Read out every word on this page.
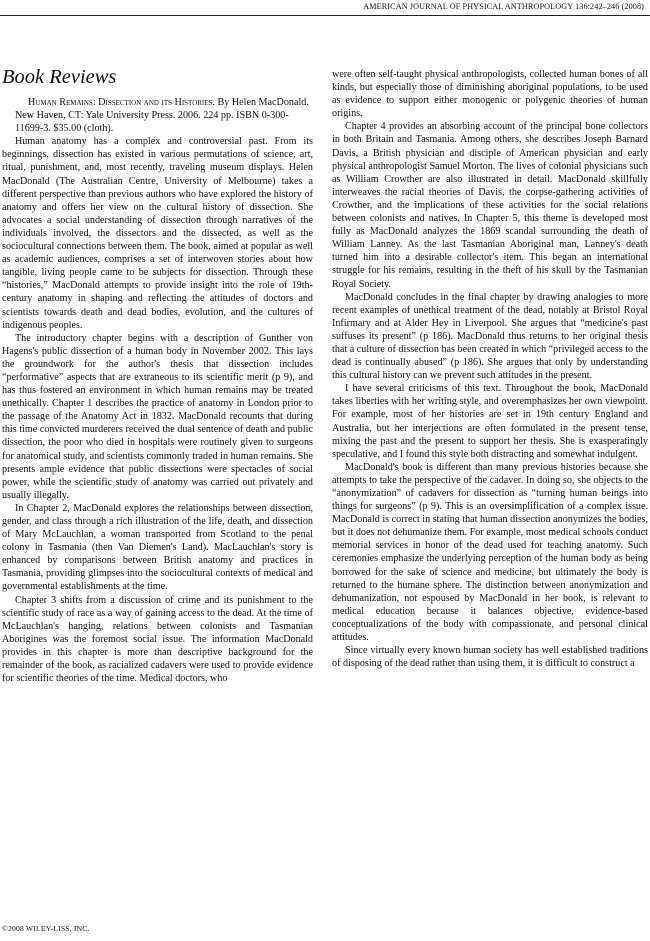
AMERICAN JOURNAL OF PHYSICAL ANTHROPOLOGY 136:242–246 (2008)
Book Reviews

Human Remains: Dissection and its Histories. By Helen MacDonald. New Haven, CT: Yale University Press. 2006. 224 pp. ISBN 0-300-11699-3. $35.00 (cloth).

Human anatomy has a complex and controversial past. From its beginnings, dissection has existed in various permutations of science, art, ritual, punishment, and, most recently, traveling museum displays. Helen MacDonald (The Australian Centre, University of Melbourne) takes a different perspective than previous authors who have explored the history of anatomy and offers her view on the cultural history of dissection. She advocates a social understanding of dissection through narratives of the individuals involved, the dissectors and the dissected, as well as the sociocultural connections between them. The book, aimed at popular as well as academic audiences, comprises a set of interwoven stories about how tangible, living people came to be subjects for dissection. Through these “histories,” MacDonald attempts to provide insight into the role of 19th-century anatomy in shaping and reflecting the attitudes of doctors and scientists towards death and dead bodies, evolution, and the cultures of indigenous peoples.

The introductory chapter begins with a description of Gunther von Hagens's public dissection of a human body in November 2002. This lays the groundwork for the author's thesis that dissection includes “performative” aspects that are extraneous to its scientific merit (p 9), and has thus fostered an environment in which human remains may be treated unethically. Chapter 1 describes the practice of anatomy in London prior to the passage of the Anatomy Act in 1832. MacDonald recounts that during this time convicted murderers received the dual sentence of death and public dissection, the poor who died in hospitals were routinely given to surgeons for anatomical study, and scientists commonly traded in human remains. She presents ample evidence that public dissections were spectacles of social power, while the scientific study of anatomy was carried out privately and usually illegally.

In Chapter 2, MacDonald explores the relationships between dissection, gender, and class through a rich illustration of the life, death, and dissection of Mary McLauchlan, a woman transported from Scotland to the penal colony in Tasmania (then Van Diemen's Land). MacLauchlan's story is enhanced by comparisons between British anatomy and practices in Tasmania, providing glimpses into the sociocultural contexts of medical and governmental establishments at the time.

Chapter 3 shifts from a discussion of crime and its punishment to the scientific study of race as a way of gaining access to the dead. At the time of McLauchlan's hanging, relations between colonists and Tasmanian Aborigines was the foremost social issue. The information MacDonald provides in this chapter is more than descriptive background for the remainder of the book, as racialized cadavers were used to provide evidence for scientific theories of the time. Medical doctors, who

were often self-taught physical anthropologists, collected human bones of all kinds, but especially those of diminishing aboriginal populations, to be used as evidence to support either monogenic or polygenic theories of human origins.

Chapter 4 provides an absorbing account of the principal bone collectors in both Britain and Tasmania. Among others, she describes Joseph Barnard Davis, a British physician and disciple of American physician and early physical anthropologist Samuel Morton. The lives of colonial physicians such as William Crowther are also illustrated in detail. MacDonald skillfully interweaves the racial theories of Davis, the corpse-gathering activities of Crowther, and the implications of these activities for the social relations between colonists and natives. In Chapter 5, this theme is developed most fully as MacDonald analyzes the 1869 scandal surrounding the death of William Lanney. As the last Tasmanian Aboriginal man, Lanney's death turned him into a desirable collector's item. This began an international struggle for his remains, resulting in the theft of his skull by the Tasmanian Royal Society.

MacDonald concludes in the final chapter by drawing analogies to more recent examples of unethical treatment of the dead, notably at Bristol Royal Infirmary and at Alder Hey in Liverpool. She argues that “medicine's past suffuses its present” (p 186). MacDonald thus returns to her original thesis that a culture of dissection has been created in which “privileged access to the dead is continually abused” (p 186). She argues that only by understanding this cultural history can we prevent such attitudes in the present.

I have several criticisms of this text. Throughout the book, MacDonald takes liberties with her writing style, and overemphasizes her own viewpoint. For example, most of her histories are set in 19th century England and Australia, but her interjections are often formulated in the present tense, mixing the past and the present to support her thesis. She is exasperatingly speculative, and I found this style both distracting and somewhat indulgent.

MacDonald's book is different than many previous histories because she attempts to take the perspective of the cadaver. In doing so, she objects to the “anonymization” of cadavers for dissection as “turning human beings into things for surgeons” (p 9). This is an oversimplification of a complex issue. MacDonald is correct in stating that human dissection anonymizes the bodies, but it does not dehumanize them. For example, most medical schools conduct memorial services in honor of the dead used for teaching anatomy. Such ceremonies emphasize the underlying perception of the human body as being borrowed for the sake of science and medicine, but ultimately the body is returned to the humane sphere. The distinction between anonymization and dehumanization, not espoused by MacDonald in her book, is relevant to medical education because it balances objective, evidence-based conceptualizations of the body with compassionate, and personal clinical attitudes.

Since virtually every known human society has well established traditions of disposing of the dead rather than using them, it is difficult to construct a

©2008 WILEY-LISS, INC.
